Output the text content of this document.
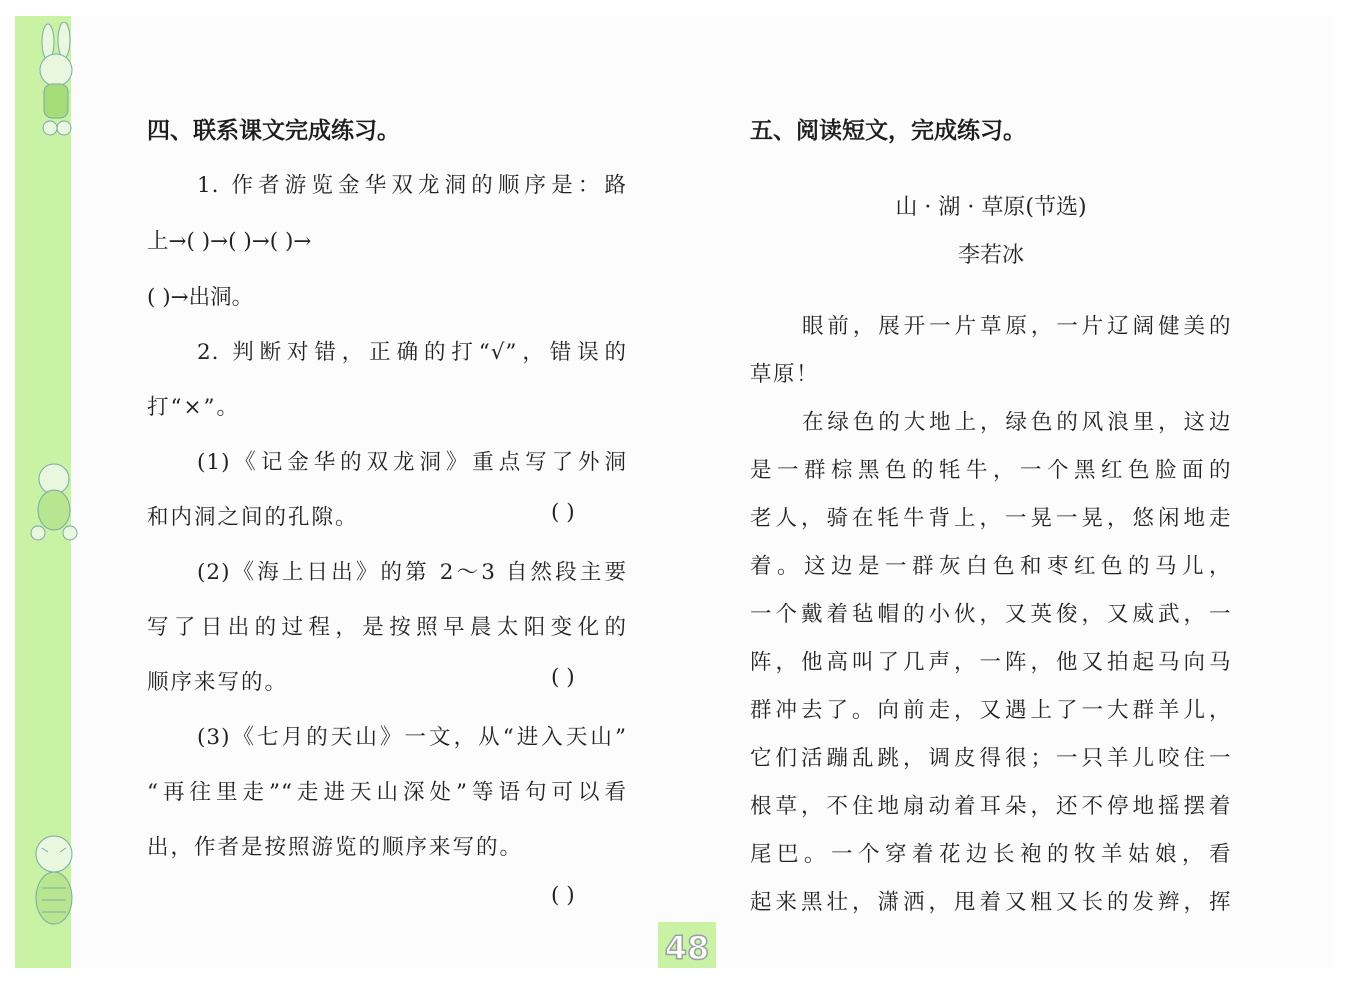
四、联系课文完成练习。
1. 作者游览金华双龙洞的顺序是：路
上→( )→( )→( )→
( )→出洞。
2. 判断对错，正确的打“√”，错误的
打“×”。
(1)《记金华的双龙洞》重点写了外洞
和内洞之间的孔隙。	( )
(2)《海上日出》的第 2～3 自然段主要
写了日出的过程，是按照早晨太阳变化的
顺序来写的。	( )
(3)《七月的天山》一文，从“进入天山”
“再往里走”“走进天山深处”等语句可以看
出，作者是按照游览的顺序来写的。
( )
五、阅读短文，完成练习。
山 · 湖 · 草原(节选)
李若冰
眼前，展开一片草原，一片辽阔健美的
草原！
在绿色的大地上，绿色的风浪里，这边
是一群棕黑色的牦牛，一个黑红色脸面的
老人，骑在牦牛背上，一晃一晃，悠闲地走
着。这边是一群灰白色和枣红色的马儿，
一个戴着毡帽的小伙，又英俊，又威武，一
阵，他高叫了几声，一阵，他又拍起马向马
群冲去了。向前走，又遇上了一大群羊儿，
它们活蹦乱跳，调皮得很；一只羊儿咬住一
根草，不住地扇动着耳朵，还不停地摇摆着
尾巴。一个穿着花边长袍的牧羊姑娘，看
起来黑壮，潇洒，甩着又粗又长的发辫，挥
48
